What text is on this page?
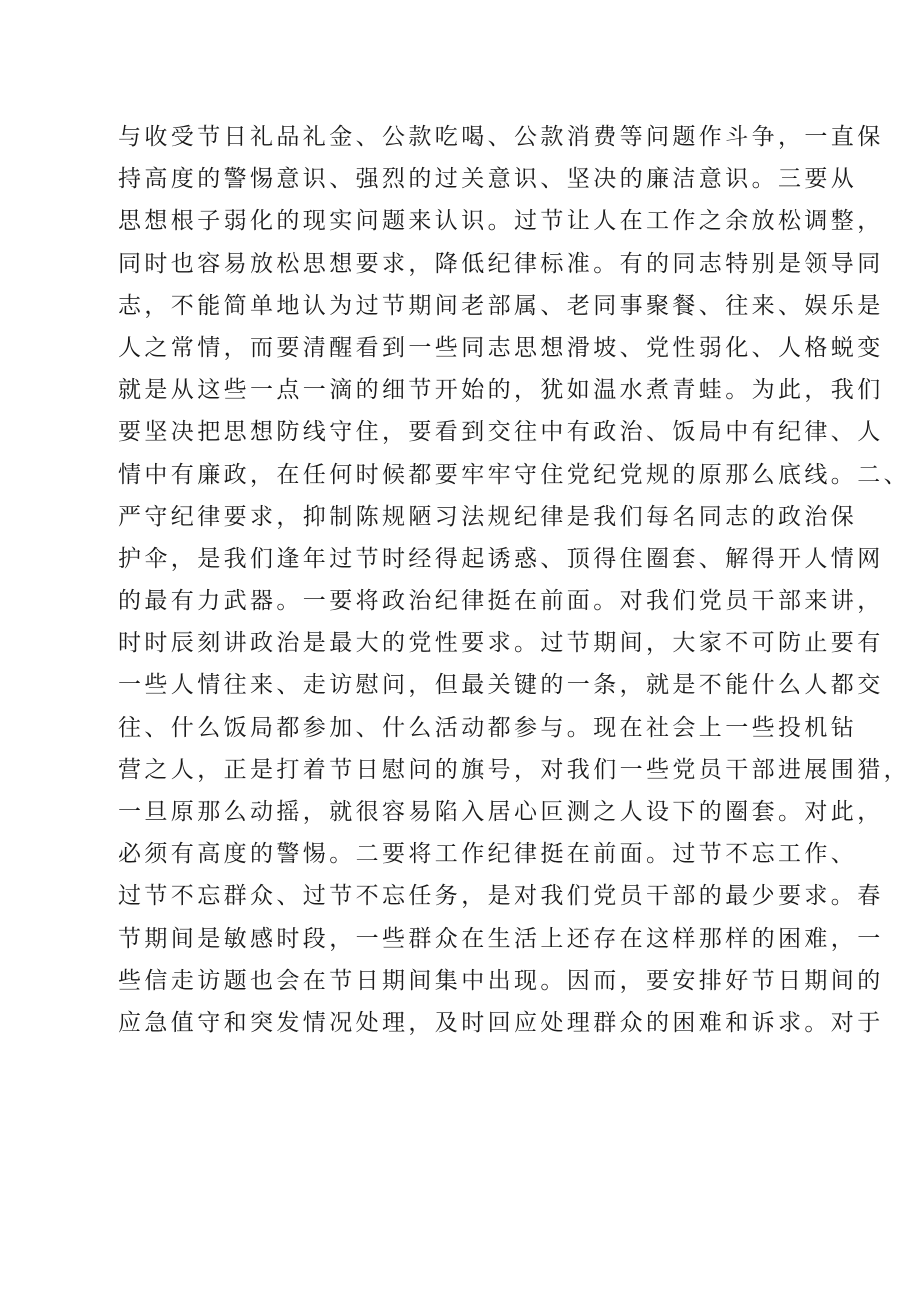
与收受节日礼品礼金、公款吃喝、公款消费等问题作斗争，一直保
持高度的警惕意识、强烈的过关意识、坚决的廉洁意识。三要从
思想根子弱化的现实问题来认识。过节让人在工作之余放松调整，
同时也容易放松思想要求，降低纪律标准。有的同志特别是领导同
志，不能简单地认为过节期间老部属、老同事聚餐、往来、娱乐是
人之常情，而要清醒看到一些同志思想滑坡、党性弱化、人格蜕变
就是从这些一点一滴的细节开始的，犹如温水煮青蛙。为此，我们
要坚决把思想防线守住，要看到交往中有政治、饭局中有纪律、人
情中有廉政，在任何时候都要牢牢守住党纪党规的原那么底线。二、
严守纪律要求，抑制陈规陋习法规纪律是我们每名同志的政治保
护伞，是我们逢年过节时经得起诱惑、顶得住圈套、解得开人情网
的最有力武器。一要将政治纪律挺在前面。对我们党员干部来讲，
时时辰刻讲政治是最大的党性要求。过节期间，大家不可防止要有
一些人情往来、走访慰问，但最关键的一条，就是不能什么人都交
往、什么饭局都参加、什么活动都参与。现在社会上一些投机钻
营之人，正是打着节日慰问的旗号，对我们一些党员干部进展围猎，
一旦原那么动摇，就很容易陷入居心叵测之人设下的圈套。对此，
必须有高度的警惕。二要将工作纪律挺在前面。过节不忘工作、
过节不忘群众、过节不忘任务，是对我们党员干部的最少要求。春
节期间是敏感时段，一些群众在生活上还存在这样那样的困难，一
些信走访题也会在节日期间集中出现。因而，要安排好节日期间的
应急值守和突发情况处理，及时回应处理群众的困难和诉求。对于
